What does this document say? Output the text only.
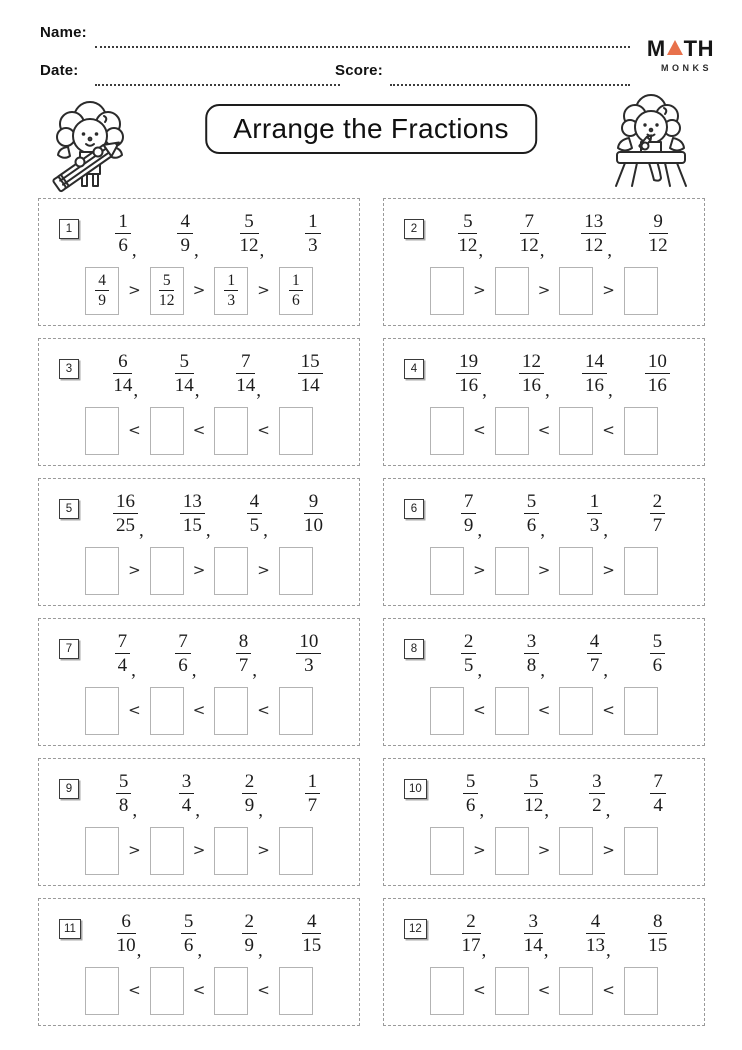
Name:
Date:	Score:
M TH
MONKS
Arrange the Fractions
1	$\frac{1}{6}$ , $\frac{4}{9}$ , $\frac{5}{12}$ , $\frac{1}{3}$
$\frac{4}{9} > \frac{5}{12} > \frac{1}{3} > \frac{1}{6}$
2	$\frac{5}{12}$ , $\frac{7}{12}$ , $\frac{13}{12}$ , $\frac{9}{12}$
>	>	>
3	$\frac{6}{14}$ , $\frac{5}{14}$ , $\frac{7}{14}$ , $\frac{15}{14}$
<	<	<
4	$\frac{19}{16}$ , $\frac{12}{16}$ , $\frac{14}{16}$ , $\frac{10}{16}$
<	<	<
5	$\frac{16}{25}$ , $\frac{13}{15}$ , $\frac{4}{5}$ , $\frac{9}{10}$
>	>	>
6	$\frac{7}{9}$ , $\frac{5}{6}$ , $\frac{1}{3}$ , $\frac{2}{7}$
>	>	>
7	$\frac{7}{4}$ , $\frac{7}{6}$ , $\frac{8}{7}$ , $\frac{10}{3}$
<	<	<
8	$\frac{2}{5}$ , $\frac{3}{8}$ , $\frac{4}{7}$ , $\frac{5}{6}$
<	<	<
9	$\frac{5}{8}$ , $\frac{3}{4}$ , $\frac{2}{9}$ , $\frac{1}{7}$
>	>	>
$10 \frac{5}{6}$ , $\frac{5}{12}$ , $\frac{3}{2}$ , $\frac{7}{4}$
>	>	>
$11 \frac{6}{10}$ , $\frac{5}{6}$ , $\frac{2}{9}$ , $\frac{4}{15}$
<	<	<
$12 \frac{2}{17}$ , $\frac{3}{14}$ , $\frac{4}{13}$ , $\frac{8}{15}$
<	<	<
